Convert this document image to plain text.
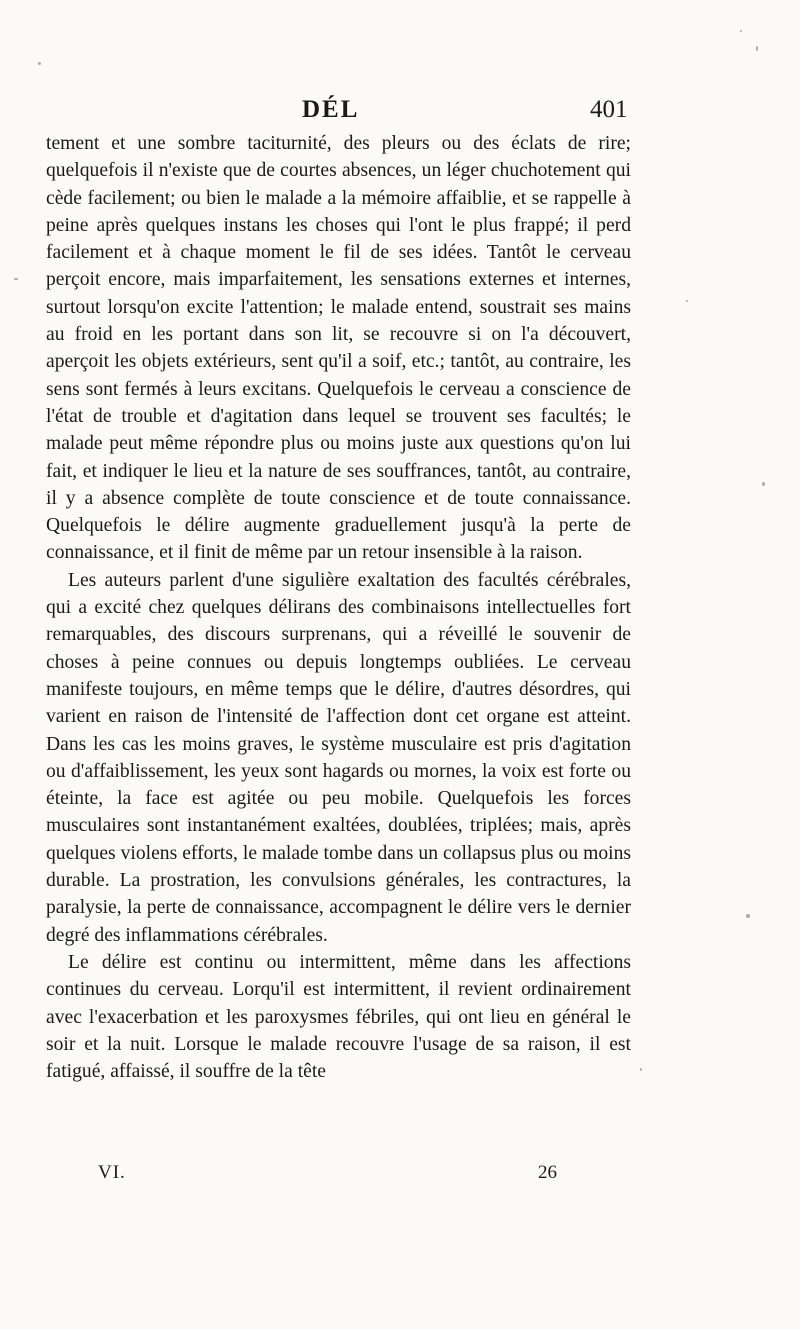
DÉL	401

tement et une sombre taciturnité, des pleurs ou des éclats de rire; quelquefois il n'existe que de courtes absences, un léger chuchotement qui cède facilement; ou bien le malade a la mémoire affaiblie, et se rappelle à peine après quelques instans les choses qui l'ont le plus frappé; il perd facilement et à chaque moment le fil de ses idées. Tantôt le cerveau perçoit encore, mais imparfaitement, les sensations externes et internes, surtout lorsqu'on excite l'attention; le malade entend, soustrait ses mains au froid en les portant dans son lit, se recouvre si on l'a découvert, aperçoit les objets extérieurs, sent qu'il a soif, etc.; tantôt, au contraire, les sens sont fermés à leurs excitans. Quelquefois le cerveau a conscience de l'état de trouble et d'agitation dans lequel se trouvent ses facultés; le malade peut même répondre plus ou moins juste aux questions qu'on lui fait, et indiquer le lieu et la nature de ses souffrances, tantôt, au contraire, il y a absence complète de toute conscience et de toute connaissance. Quelquefois le délire augmente graduellement jusqu'à la perte de connaissance, et il finit de même par un retour insensible à la raison.

Les auteurs parlent d'une sigulière exaltation des facultés cérébrales, qui a excité chez quelques délirans des combinaisons intellectuelles fort remarquables, des discours surprenans, qui a réveillé le souvenir de choses à peine connues ou depuis longtemps oubliées. Le cerveau manifeste toujours, en même temps que le délire, d'autres désordres, qui varient en raison de l'intensité de l'affection dont cet organe est atteint. Dans les cas les moins graves, le système musculaire est pris d'agitation ou d'affaiblissement, les yeux sont hagards ou mornes, la voix est forte ou éteinte, la face est agitée ou peu mobile. Quelquefois les forces musculaires sont instantanément exaltées, doublées, triplées; mais, après quelques violens efforts, le malade tombe dans un collapsus plus ou moins durable. La prostration, les convulsions générales, les contractures, la paralysie, la perte de connaissance, accompagnent le délire vers le dernier degré des inflammations cérébrales.

Le délire est continu ou intermittent, même dans les affections continues du cerveau. Lorqu'il est intermittent, il revient ordinairement avec l'exacerbation et les paroxysmes fébriles, qui ont lieu en général le soir et la nuit. Lorsque le malade recouvre l'usage de sa raison, il est fatigué, affaissé, il souffre de la tête

VI.	26
